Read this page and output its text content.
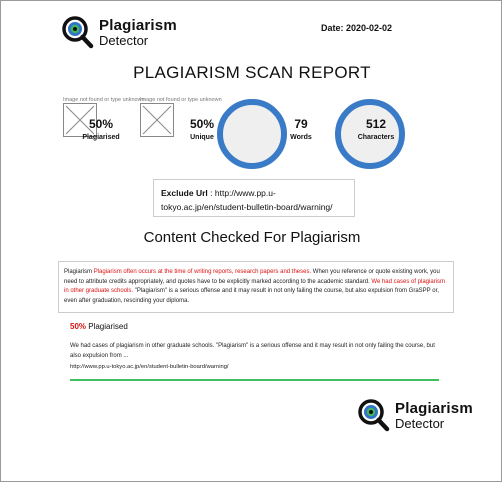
Plagiarism
Detector
Date: 2020-02-02
PLAGIARISM SCAN REPORT
Image not found or type unknown
Image not found or type unknown
50%
Plagiarised
50%
Unique
79
Words
512
Characters
Exclude Url : http://www.pp.u-tokyo.ac.jp/en/student-bulletin-board/warning/
Content Checked For Plagiarism
Plagiarism Plagiarism often occurs at the time of writing reports, research papers and theses. When you reference or quote existing work, you need to attribute credits appropriately, and quotes have to be explicitly marked according to the academic standard. We had cases of plagiarism in other graduate schools. "Plagiarism" is a serious offense and it may result in not only failing the course, but also expulsion from GraSPP or, even after graduation, rescinding your diploma.
50% Plagiarised
We had cases of plagiarism in other graduate schools. "Plagiarism" is a serious offense and it may result in not only failing the course, but also expulsion from ...
http://www.pp.u-tokyo.ac.jp/en/student-bulletin-board/warning/
Plagiarism
Detector
